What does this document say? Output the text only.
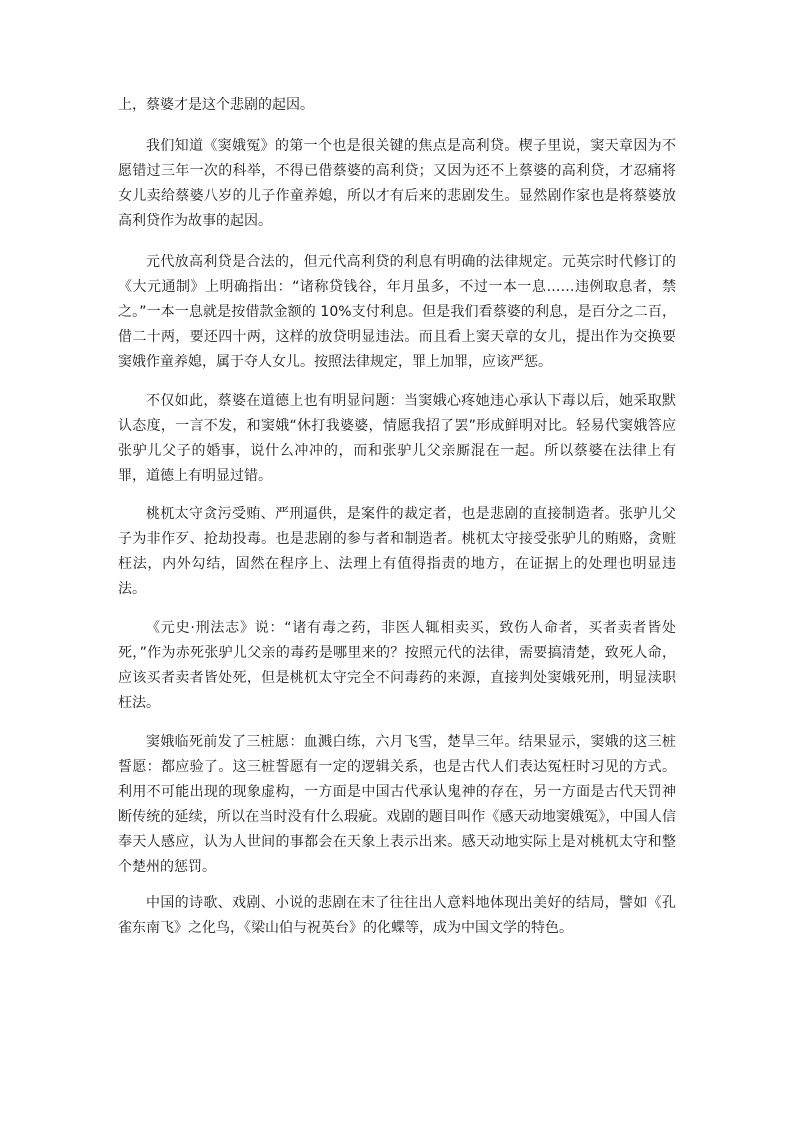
上，蔡婆才是这个悲剧的起因。

我们知道《窦娥冤》的第一个也是很关键的焦点是高利贷。楔子里说，窦天章因为不愿错过三年一次的科举，不得已借蔡婆的高利贷；又因为还不上蔡婆的高利贷，才忍痛将女儿卖给蔡婆八岁的儿子作童养媳，所以才有后来的悲剧发生。显然剧作家也是将蔡婆放高利贷作为故事的起因。

元代放高利贷是合法的，但元代高利贷的利息有明确的法律规定。元英宗时代修订的《大元通制》上明确指出：“诸称贷钱谷，年月虽多，不过一本一息……违例取息者，禁之。”一本一息就是按借款金额的 10%支付利息。但是我们看蔡婆的利息，是百分之二百，借二十两，要还四十两，这样的放贷明显违法。而且看上窦天章的女儿，提出作为交换要窦娥作童养媳，属于夺人女儿。按照法律规定，罪上加罪，应该严惩。

不仅如此，蔡婆在道德上也有明显问题：当窦娥心疼她违心承认下毒以后，她采取默认态度，一言不发，和窦娥“休打我婆婆，情愿我招了罢”形成鲜明对比。轻易代窦娥答应张驴儿父子的婚事，说什么冲冲的，而和张驴儿父亲厮混在一起。所以蔡婆在法律上有罪，道德上有明显过错。

桃杌太守贪污受贿、严刑逼供，是案件的裁定者，也是悲剧的直接制造者。张驴儿父子为非作歹、抢劫投毒。也是悲剧的参与者和制造者。桃杌太守接受张驴儿的贿赂，贪赃枉法，内外勾结，固然在程序上、法理上有值得指责的地方，在证据上的处理也明显违法。

《元史·刑法志》说：“诸有毒之药，非医人辄相卖买，致伤人命者，买者卖者皆处死，”作为赤死张驴儿父亲的毒药是哪里来的？按照元代的法律，需要搞清楚，致死人命，应该买者卖者皆处死，但是桃杌太守完全不问毒药的来源，直接判处窦娥死刑，明显渎职枉法。

窦娥临死前发了三桩愿：血溅白练，六月飞雪，楚旱三年。结果显示，窦娥的这三桩誓愿：都应验了。这三桩誓愿有一定的逻辑关系，也是古代人们表达冤枉时习见的方式。利用不可能出现的现象虚构，一方面是中国古代承认鬼神的存在，另一方面是古代天罚神断传统的延续，所以在当时没有什么瑕疵。戏剧的题目叫作《感天动地窦娥冤》，中国人信奉天人感应，认为人世间的事都会在天象上表示出来。感天动地实际上是对桃杌太守和整个楚州的惩罚。

中国的诗歌、戏剧、小说的悲剧在末了往往出人意料地体现出美好的结局，譬如《孔雀东南飞》之化鸟，《梁山伯与祝英台》的化蝶等，成为中国文学的特色。
